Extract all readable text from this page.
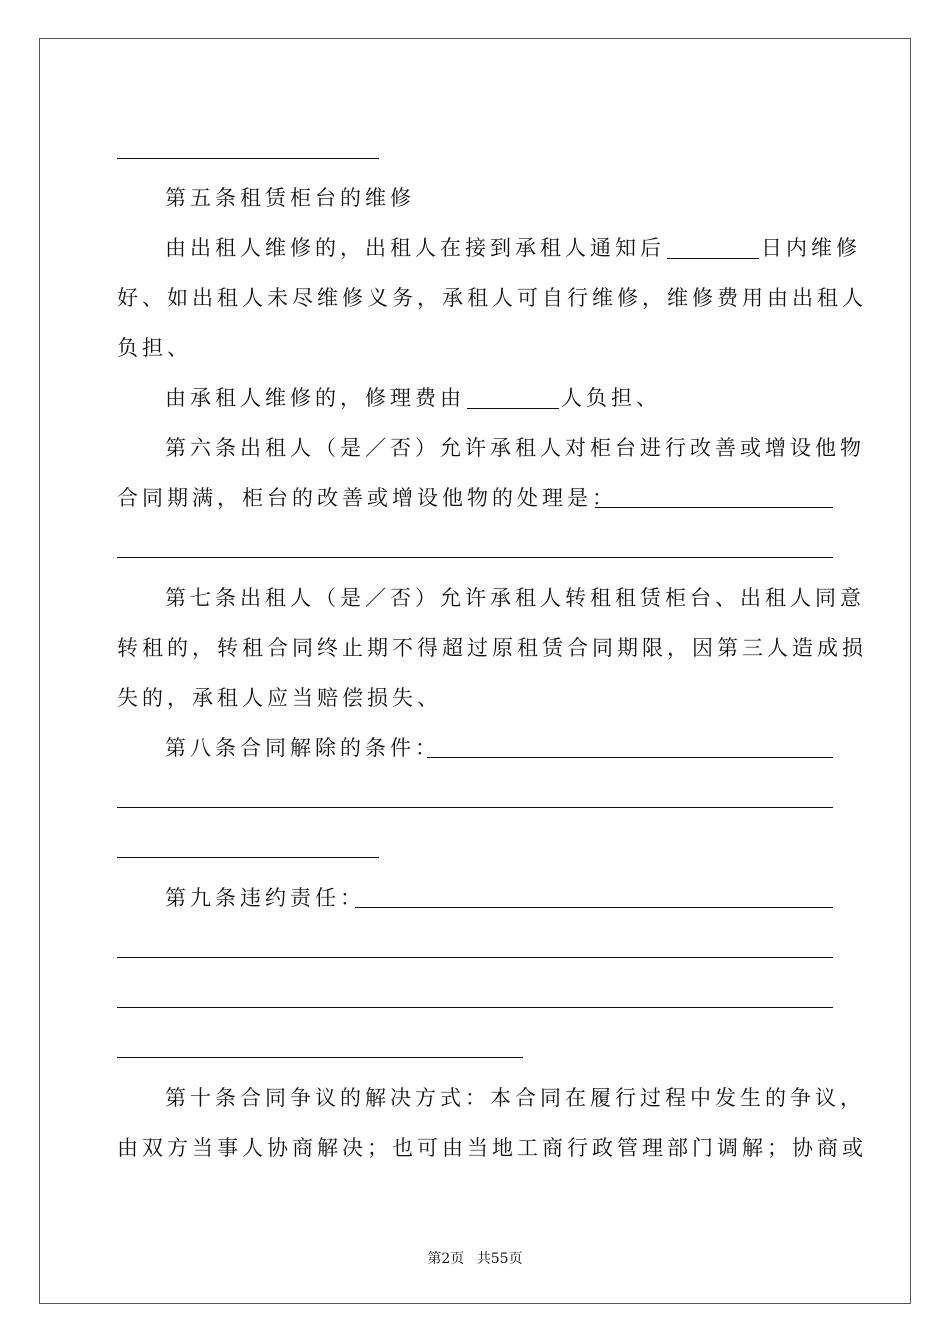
第五条租赁柜台的维修
由出租人维修的，出租人在接到承租人通知后	日内维修
好、如出租人未尽维修义务，承租人可自行维修，维修费用由出租人
负担、
由承租人维修的，修理费由	人负担、
第六条出租人（是／否）允许承租人对柜台进行改善或增设他物
合同期满，柜台的改善或增设他物的处理是：
第七条出租人（是／否）允许承租人转租租赁柜台、出租人同意
转租的，转租合同终止期不得超过原租赁合同期限，因第三人造成损
失的，承租人应当赔偿损失、
第八条合同解除的条件：
第九条违约责任：
第十条合同争议的解决方式：本合同在履行过程中发生的争议，
由双方当事人协商解决；也可由当地工商行政管理部门调解；协商或
第2页 共55页
